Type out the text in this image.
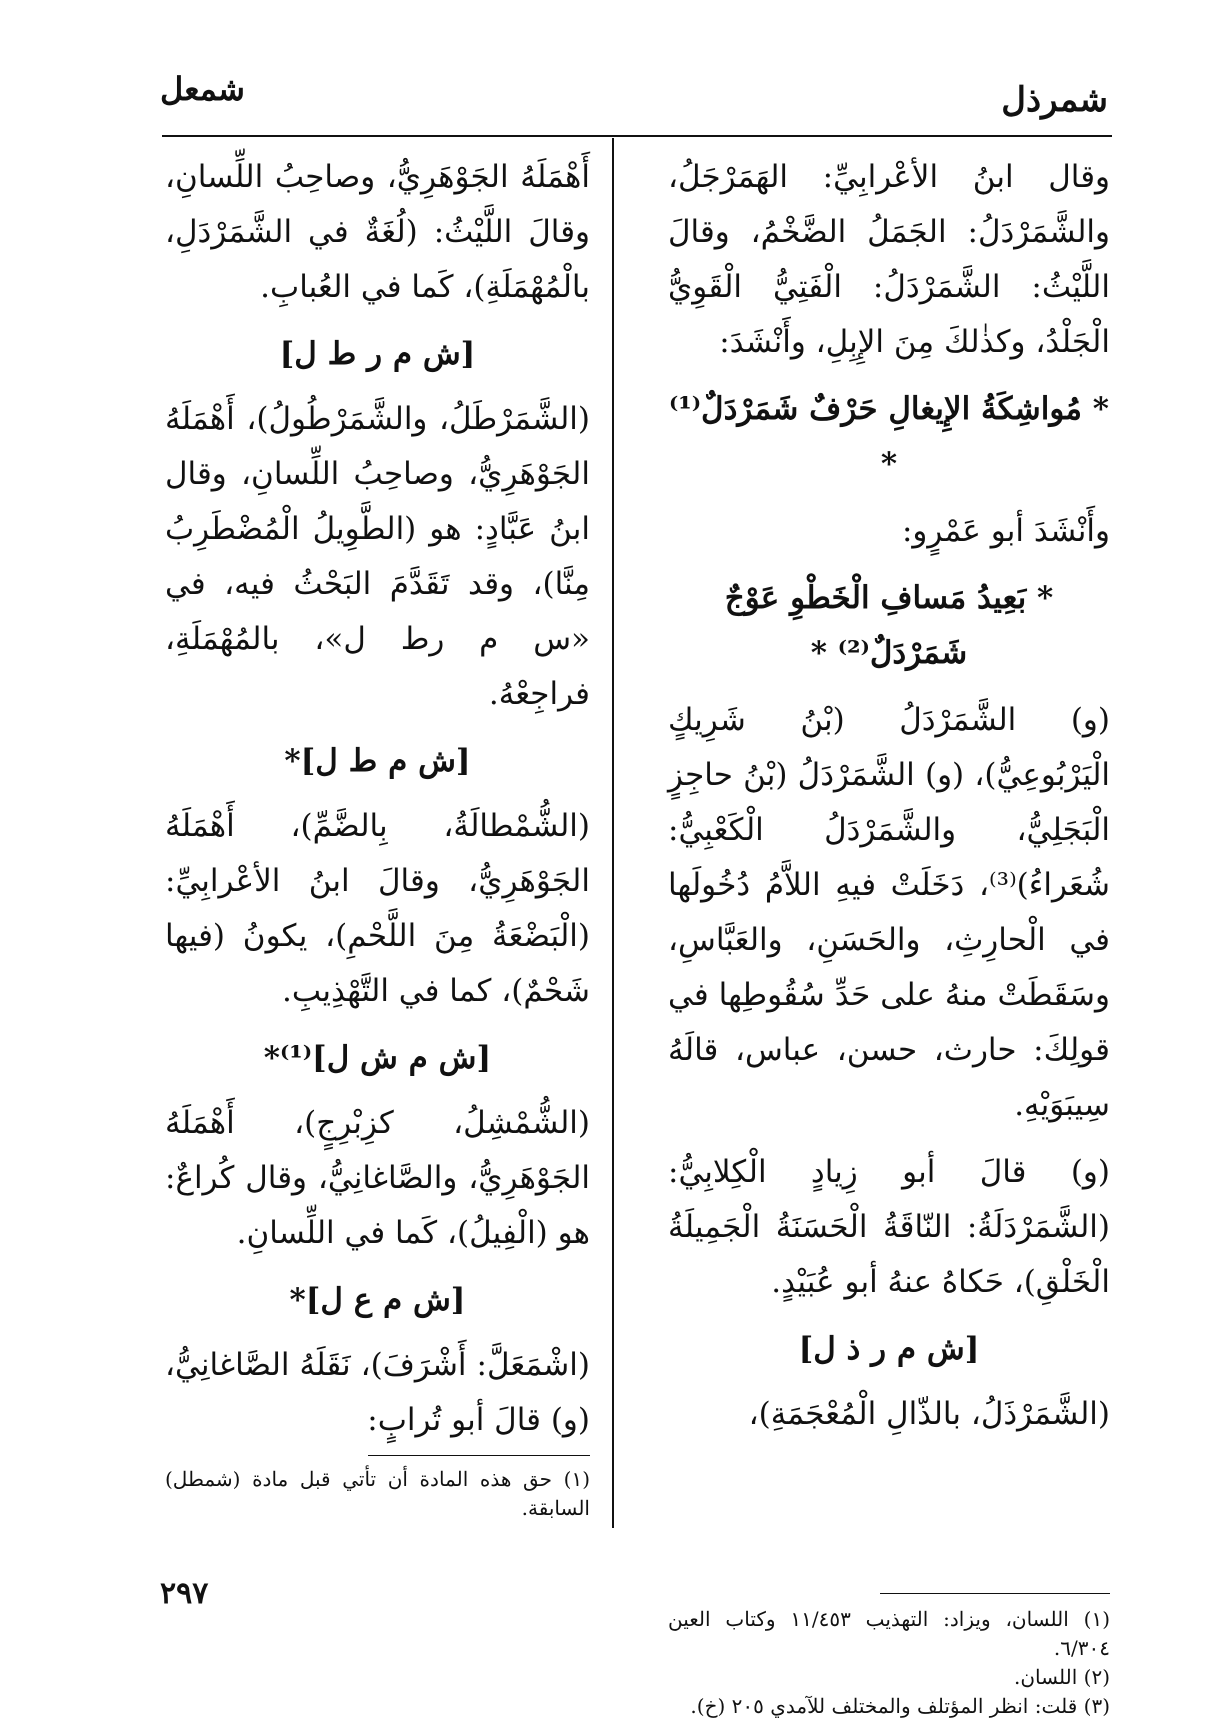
شمعل	شمرذل

وقال ابنُ الأعْرابِيِّ: الهَمَرْجَلُ، والشَّمَرْدَلُ: الجَمَلُ الضَّخْمُ، وقالَ اللَّيْثُ: الشَّمَرْدَلُ: الْفَتِيُّ الْقَوِيُّ الْجَلْدُ، وكذٰلكَ مِنَ الإِبِلِ، وأَنْشَدَ:

* مُواشِكَةُ الإِيغالِ حَرْفٌ شَمَرْدَلٌ⁽¹⁾ *

وأَنْشَدَ أبو عَمْرٍو:

* بَعِيدُ مَسافِ الْخَطْوِ عَوْجٌ شَمَرْدَلٌ⁽²⁾ *

(و) الشَّمَرْدَلُ (بْنُ شَرِيكٍ الْيَرْبُوعِيُّ)، (و) الشَّمَرْدَلُ (بْنُ حاجِزٍ الْبَجَلِيُّ، والشَّمَرْدَلُ الْكَعْبِيُّ: شُعَراءُ)⁽³⁾، دَخَلَتْ فيهِ اللاَّمُ دُخُولَها في الْحارِثِ، والحَسَنِ، والعَبَّاسِ، وسَقَطَتْ منهُ على حَدِّ سُقُوطِها في قولِكَ: حارث، حسن، عباس، قالَهُ سِيبَوَيْهِ.

(و) قالَ أبو زِيادٍ الْكِلابِيُّ: (الشَّمَرْدَلَةُ: النّاقَةُ الْحَسَنَةُ الْجَمِيلَةُ الْخَلْقِ)، حَكاهُ عنهُ أبو عُبَيْدٍ.

[ش م ر ذ ل]

(الشَّمَرْذَلُ، بالذّالِ الْمُعْجَمَةِ)،

أَهْمَلَهُ الجَوْهَرِيُّ، وصاحِبُ اللِّسانِ، وقالَ اللَّيْثُ: (لُغَةٌ في الشَّمَرْدَلِ، بالْمُهْمَلَةِ)، كَما في العُبابِ.

[ش م ر ط ل]

(الشَّمَرْطَلُ، والشَّمَرْطُولُ)، أَهْمَلَهُ الجَوْهَرِيُّ، وصاحِبُ اللِّسانِ، وقال ابنُ عَبَّادٍ: هو (الطَّوِيلُ الْمُضْطَرِبُ مِنَّا)، وقد تَقَدَّمَ البَحْثُ فيه، في «س م رط ل»، بالمُهْمَلَةِ، فراجِعْهُ.

[ش م ط ل]*

(الشُّمْطالَةُ، بِالضَّمِّ)، أَهْمَلَهُ الجَوْهَرِيُّ، وقالَ ابنُ الأعْرابِيِّ: (الْبَضْعَةُ مِنَ اللَّحْمِ)، يكونُ (فيها شَحْمٌ)، كما في التَّهْذِيبِ.

[ش م ش ل]⁽¹⁾*

(الشُّمْشِلُ، كزِبْرِجٍ)، أَهْمَلَهُ الجَوْهَرِيُّ، والصَّاغانِيُّ، وقال كُراعٌ: هو (الْفِيلُ)، كَما في اللِّسانِ.

[ش م ع ل]*

(اشْمَعَلَّ: أَشْرَفَ)، نَقَلَهُ الصَّاغانِيُّ، (و) قالَ أبو تُرابٍ:

(١) اللسان، ويزاد: التهذيب ١١/٤٥٣ وكتاب العين ٦/٣٠٤.

(٢) اللسان.

(٣) قلت: انظر المؤتلف والمختلف للآمدي ٢٠٥ (خ).

(١) حق هذه المادة أن تأتي قبل مادة (شمطل) السابقة.

٢٩٧
